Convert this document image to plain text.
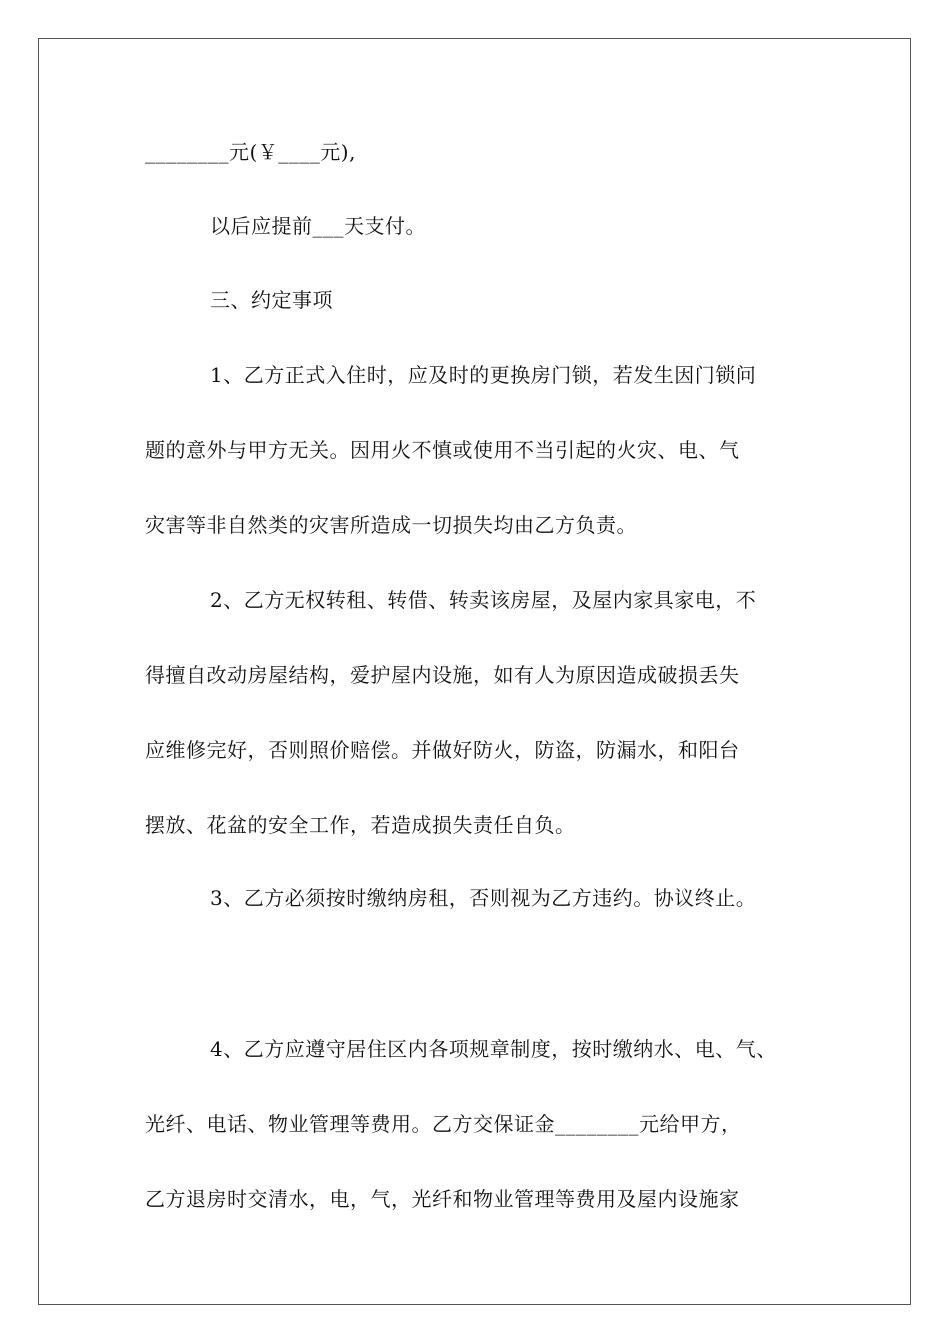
________元(￥____元),
以后应提前___天支付。
三、约定事项
1、乙方正式入住时，应及时的更换房门锁，若发生因门锁问
题的意外与甲方无关。因用火不慎或使用不当引起的火灾、电、气
灾害等非自然类的灾害所造成一切损失均由乙方负责。
2、乙方无权转租、转借、转卖该房屋，及屋内家具家电，不
得擅自改动房屋结构，爱护屋内设施，如有人为原因造成破损丢失
应维修完好，否则照价赔偿。并做好防火，防盗，防漏水，和阳台
摆放、花盆的安全工作，若造成损失责任自负。
3、乙方必须按时缴纳房租，否则视为乙方违约。协议终止。
4、乙方应遵守居住区内各项规章制度，按时缴纳水、电、气、
光纤、电话、物业管理等费用。乙方交保证金________元给甲方，
乙方退房时交清水，电，气，光纤和物业管理等费用及屋内设施家
